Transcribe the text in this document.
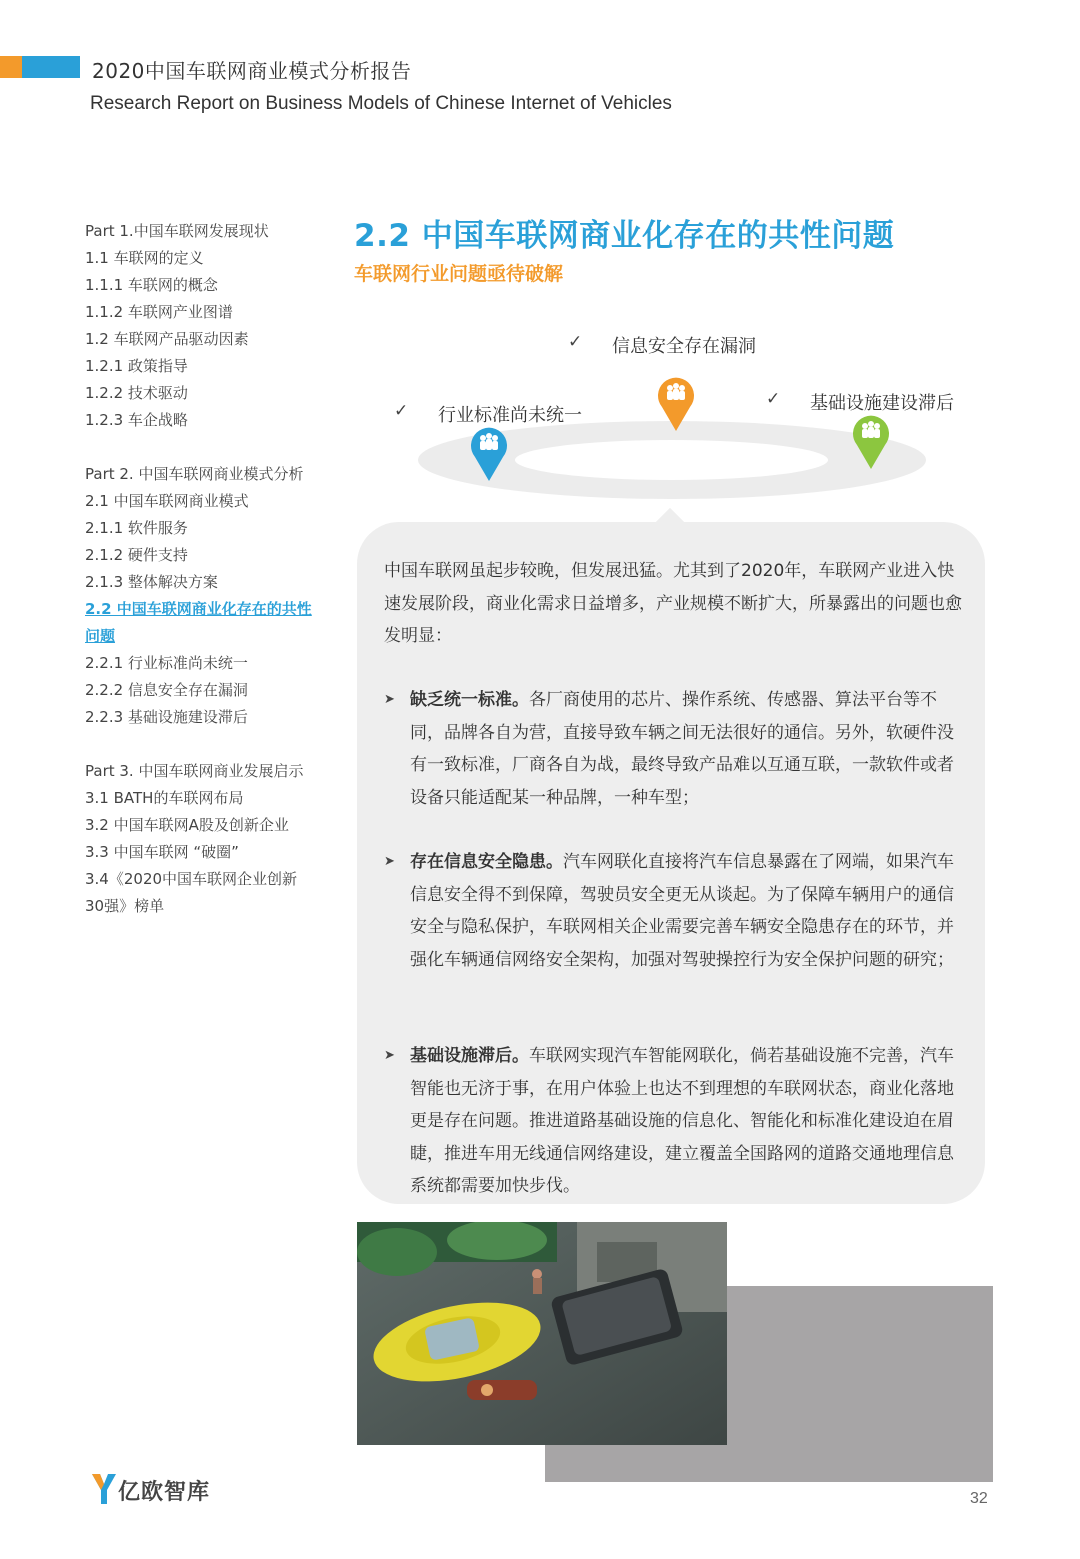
2020中国车联网商业模式分析报告
Research Report on Business Models of Chinese Internet of Vehicles
Part 1.中国车联网发展现状
1.1 车联网的定义
1.1.1 车联网的概念
1.1.2 车联网产业图谱
1.2 车联网产品驱动因素
1.2.1 政策指导
1.2.2 技术驱动
1.2.3 车企战略
Part 2. 中国车联网商业模式分析
2.1 中国车联网商业模式
2.1.1 软件服务
2.1.2 硬件支持
2.1.3 整体解决方案
2.2 中国车联网商业化存在的共性问题
2.2.1 行业标准尚未统一
2.2.2 信息安全存在漏洞
2.2.3 基础设施建设滞后
Part 3. 中国车联网商业发展启示
3.1 BATH的车联网布局
3.2 中国车联网A股及创新企业
3.3 中国车联网 “破圈”
3.4《2020中国车联网企业创新
30强》榜单
2.2 中国车联网商业化存在的共性问题
车联网行业问题亟待破解
✓ 信息安全存在漏洞
✓ 行业标准尚未统一
✓ 基础设施建设滞后

中国车联网虽起步较晚，但发展迅猛。尤其到了2020年，车联网产业进入快速发展阶段，商业化需求日益增多，产业规模不断扩大，所暴露出的问题也愈发明显：

➤ 缺乏统一标准。各厂商使用的芯片、操作系统、传感器、算法平台等不同，品牌各自为营，直接导致车辆之间无法很好的通信。另外，软硬件没有一致标准，厂商各自为战，最终导致产品难以互通互联，一款软件或者设备只能适配某一种品牌，一种车型；
➤ 存在信息安全隐患。汽车网联化直接将汽车信息暴露在了网端，如果汽车信息安全得不到保障，驾驶员安全更无从谈起。为了保障车辆用户的通信安全与隐私保护，车联网相关企业需要完善车辆安全隐患存在的环节，并强化车辆通信网络安全架构，加强对驾驶操控行为安全保护问题的研究；
➤ 基础设施滞后。车联网实现汽车智能网联化，倘若基础设施不完善，汽车智能也无济于事，在用户体验上也达不到理想的车联网状态，商业化落地更是存在问题。推进道路基础设施的信息化、智能化和标准化建设迫在眉睫，推进车用无线通信网络建设，建立覆盖全国路网的道路交通地理信息系统都需要加快步伐。
亿欧智库	32
